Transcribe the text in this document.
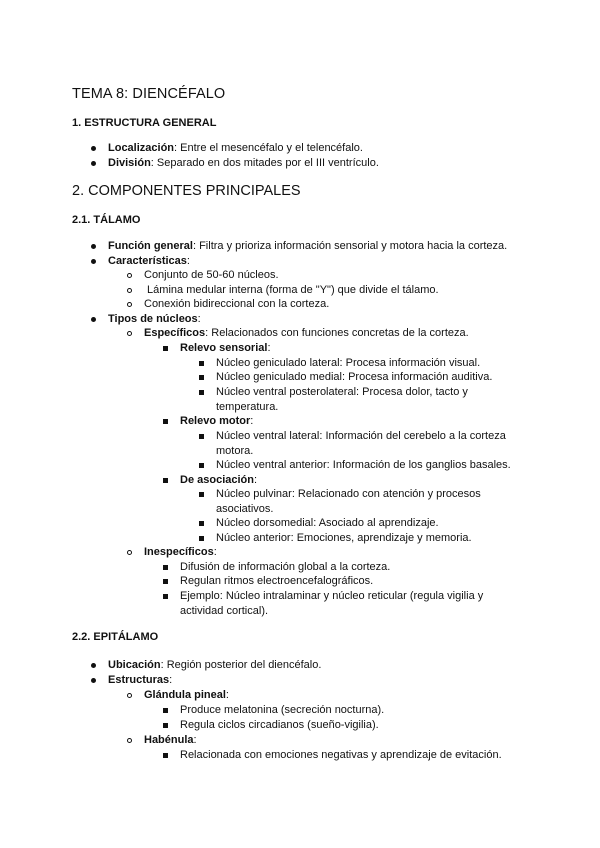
TEMA 8: DIENCÉFALO
1. ESTRUCTURA GENERAL
Localización: Entre el mesencéfalo y el telencéfalo.
División: Separado en dos mitades por el III ventrículo.
2. COMPONENTES PRINCIPALES
2.1. TÁLAMO
Función general: Filtra y prioriza información sensorial y motora hacia la corteza.
Características:
Conjunto de 50-60 núcleos.
Lámina medular interna (forma de "Y") que divide el tálamo.
Conexión bidireccional con la corteza.
Tipos de núcleos:
Específicos: Relacionados con funciones concretas de la corteza.
Relevo sensorial:
Núcleo geniculado lateral: Procesa información visual.
Núcleo geniculado medial: Procesa información auditiva.
Núcleo ventral posterolateral: Procesa dolor, tacto y
temperatura.
Relevo motor:
Núcleo ventral lateral: Información del cerebelo a la corteza
motora.
Núcleo ventral anterior: Información de los ganglios basales.
De asociación:
Núcleo pulvinar: Relacionado con atención y procesos
asociativos.
Núcleo dorsomedial: Asociado al aprendizaje.
Núcleo anterior: Emociones, aprendizaje y memoria.
Inespecíficos:
Difusión de información global a la corteza.
Regulan ritmos electroencefalográficos.
Ejemplo: Núcleo intralaminar y núcleo reticular (regula vigilia y
actividad cortical).
2.2. EPITÁLAMO
Ubicación: Región posterior del diencéfalo.
Estructuras:
Glándula pineal:
Produce melatonina (secreción nocturna).
Regula ciclos circadianos (sueño-vigilia).
Habénula:
Relacionada con emociones negativas y aprendizaje de evitación.
